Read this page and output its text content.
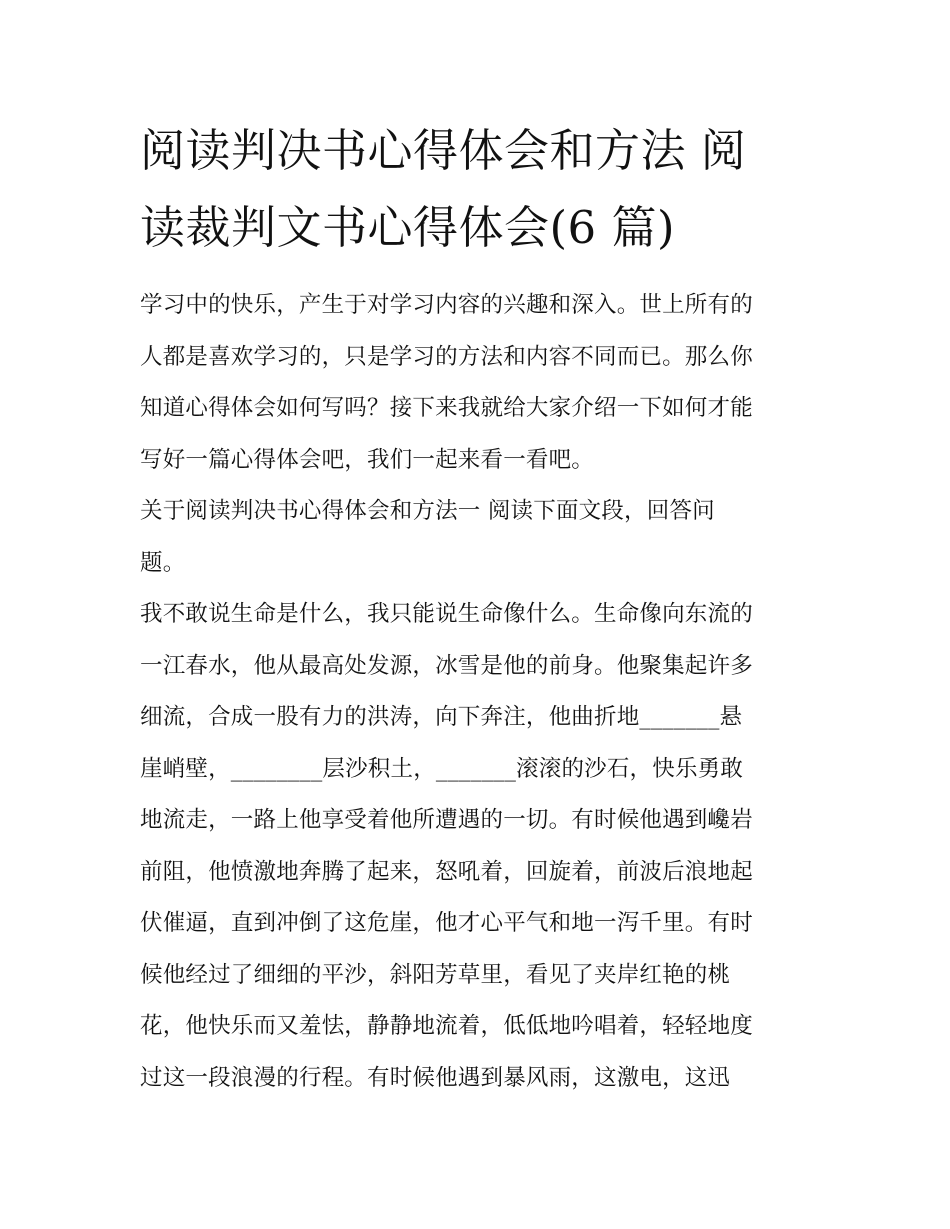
阅读判决书心得体会和方法 阅
读裁判文书心得体会(6 篇)

学习中的快乐，产生于对学习内容的兴趣和深入。世上所有的
人都是喜欢学习的，只是学习的方法和内容不同而已。那么你
知道心得体会如何写吗？接下来我就给大家介绍一下如何才能
写好一篇心得体会吧，我们一起来看一看吧。

关于阅读判决书心得体会和方法一 阅读下面文段，回答问
题。

我不敢说生命是什么，我只能说生命像什么。生命像向东流的
一江春水，他从最高处发源，冰雪是他的前身。他聚集起许多
细流，合成一股有力的洪涛，向下奔注，他曲折地_______悬
崖峭壁，________层沙积土，_______滚滚的沙石，快乐勇敢
地流走，一路上他享受着他所遭遇的一切。有时候他遇到巉岩
前阻，他愤激地奔腾了起来，怒吼着，回旋着，前波后浪地起
伏催逼，直到冲倒了这危崖，他才心平气和地一泻千里。有时
候他经过了细细的平沙，斜阳芳草里，看见了夹岸红艳的桃
花，他快乐而又羞怯，静静地流着，低低地吟唱着，轻轻地度
过这一段浪漫的行程。有时候他遇到暴风雨，这激电，这迅
